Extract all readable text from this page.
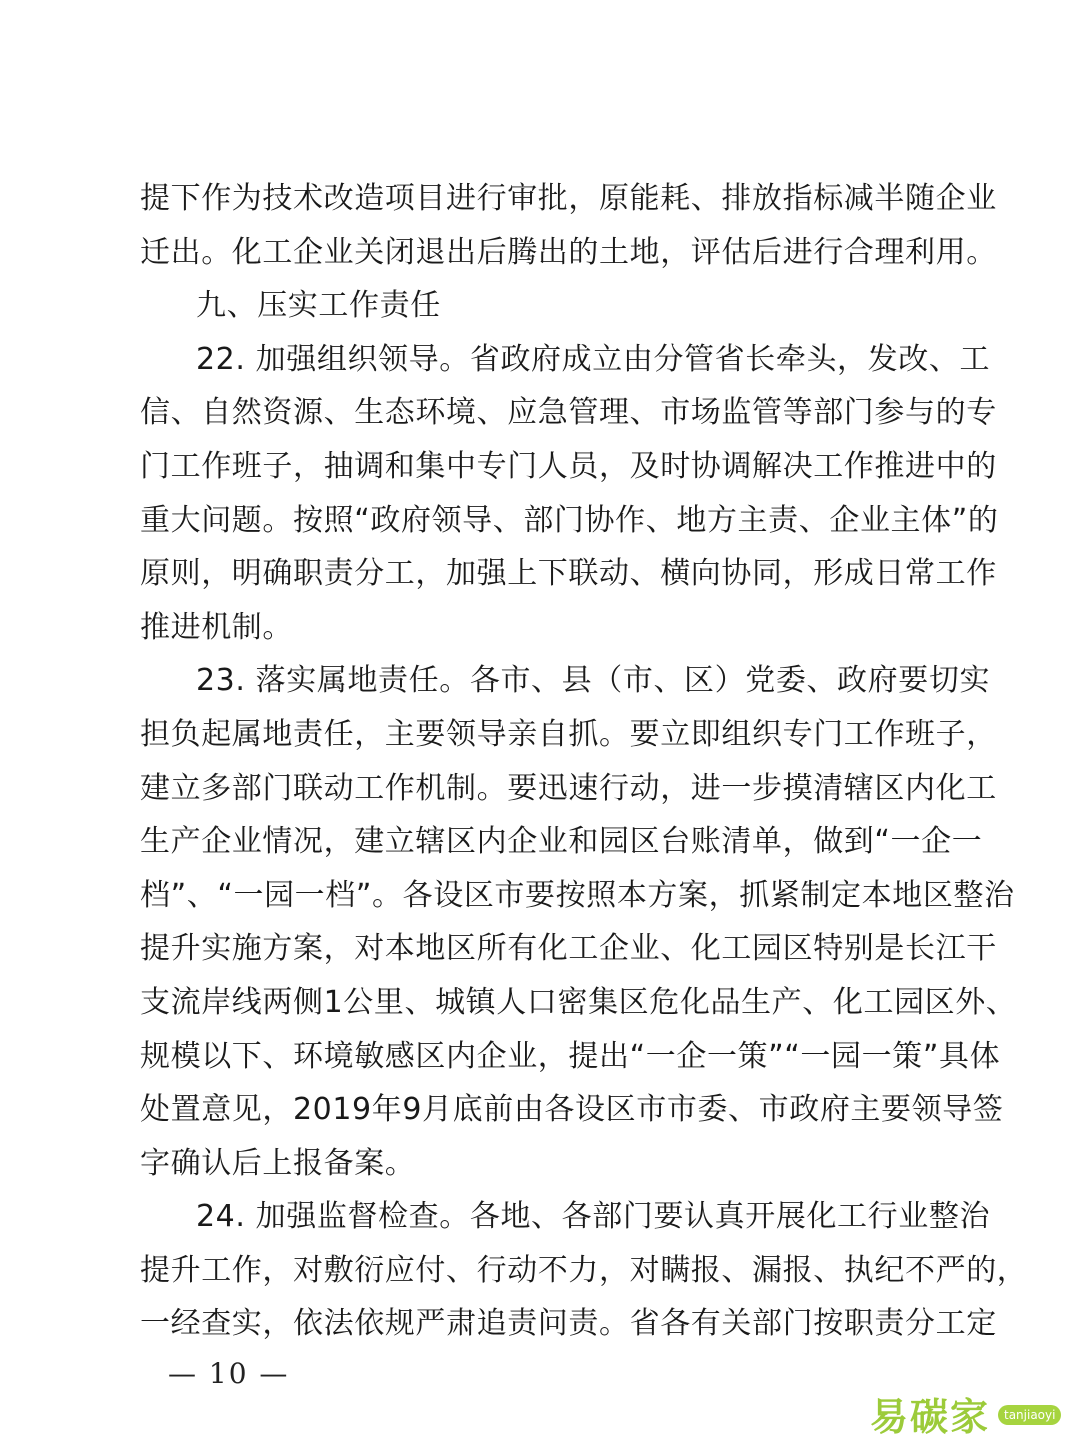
提下作为技术改造项目进行审批，原能耗、排放指标减半随企业
迁出。化工企业关闭退出后腾出的土地，评估后进行合理利用。
九、压实工作责任
22. 加强组织领导。省政府成立由分管省长牵头，发改、工
信、自然资源、生态环境、应急管理、市场监管等部门参与的专
门工作班子，抽调和集中专门人员，及时协调解决工作推进中的
重大问题。按照“政府领导、部门协作、地方主责、企业主体”的
原则，明确职责分工，加强上下联动、横向协同，形成日常工作
推进机制。
23. 落实属地责任。各市、县（市、区）党委、政府要切实
担负起属地责任，主要领导亲自抓。要立即组织专门工作班子，
建立多部门联动工作机制。要迅速行动，进一步摸清辖区内化工
生产企业情况，建立辖区内企业和园区台账清单，做到“一企一
档”、“一园一档”。各设区市要按照本方案，抓紧制定本地区整治
提升实施方案，对本地区所有化工企业、化工园区特别是长江干
支流岸线两侧1公里、城镇人口密集区危化品生产、化工园区外、
规模以下、环境敏感区内企业，提出“一企一策”“一园一策”具体
处置意见，2019年9月底前由各设区市市委、市政府主要领导签
字确认后上报备案。
24. 加强监督检查。各地、各部门要认真开展化工行业整治
提升工作，对敷衍应付、行动不力，对瞒报、漏报、执纪不严的，
一经查实，依法依规严肃追责问责。省各有关部门按职责分工定
— 10 —
易碳家	tanjiaoyi
